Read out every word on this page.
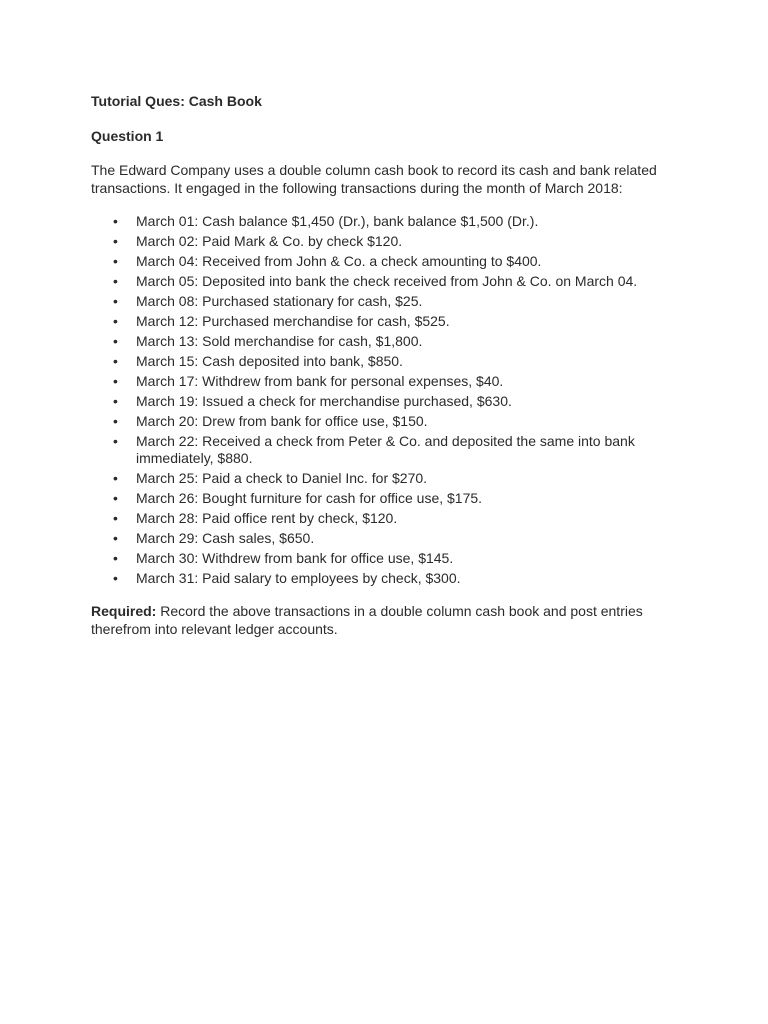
Tutorial Ques: Cash Book

Question 1

The Edward Company uses a double column cash book to record its cash and bank related transactions. It engaged in the following transactions during the month of March 2018:

• March 01: Cash balance $1,450 (Dr.), bank balance $1,500 (Dr.).
• March 02: Paid Mark & Co. by check $120.
• March 04: Received from John & Co. a check amounting to $400.
• March 05: Deposited into bank the check received from John & Co. on March 04.
• March 08: Purchased stationary for cash, $25.
• March 12: Purchased merchandise for cash, $525.
• March 13: Sold merchandise for cash, $1,800.
• March 15: Cash deposited into bank, $850.
• March 17: Withdrew from bank for personal expenses, $40.
• March 19: Issued a check for merchandise purchased, $630.
• March 20: Drew from bank for office use, $150.
• March 22: Received a check from Peter & Co. and deposited the same into bank immediately, $880.
• March 25: Paid a check to Daniel Inc. for $270.
• March 26: Bought furniture for cash for office use, $175.
• March 28: Paid office rent by check, $120.
• March 29: Cash sales, $650.
• March 30: Withdrew from bank for office use, $145.
• March 31: Paid salary to employees by check, $300.

Required: Record the above transactions in a double column cash book and post entries therefrom into relevant ledger accounts.
